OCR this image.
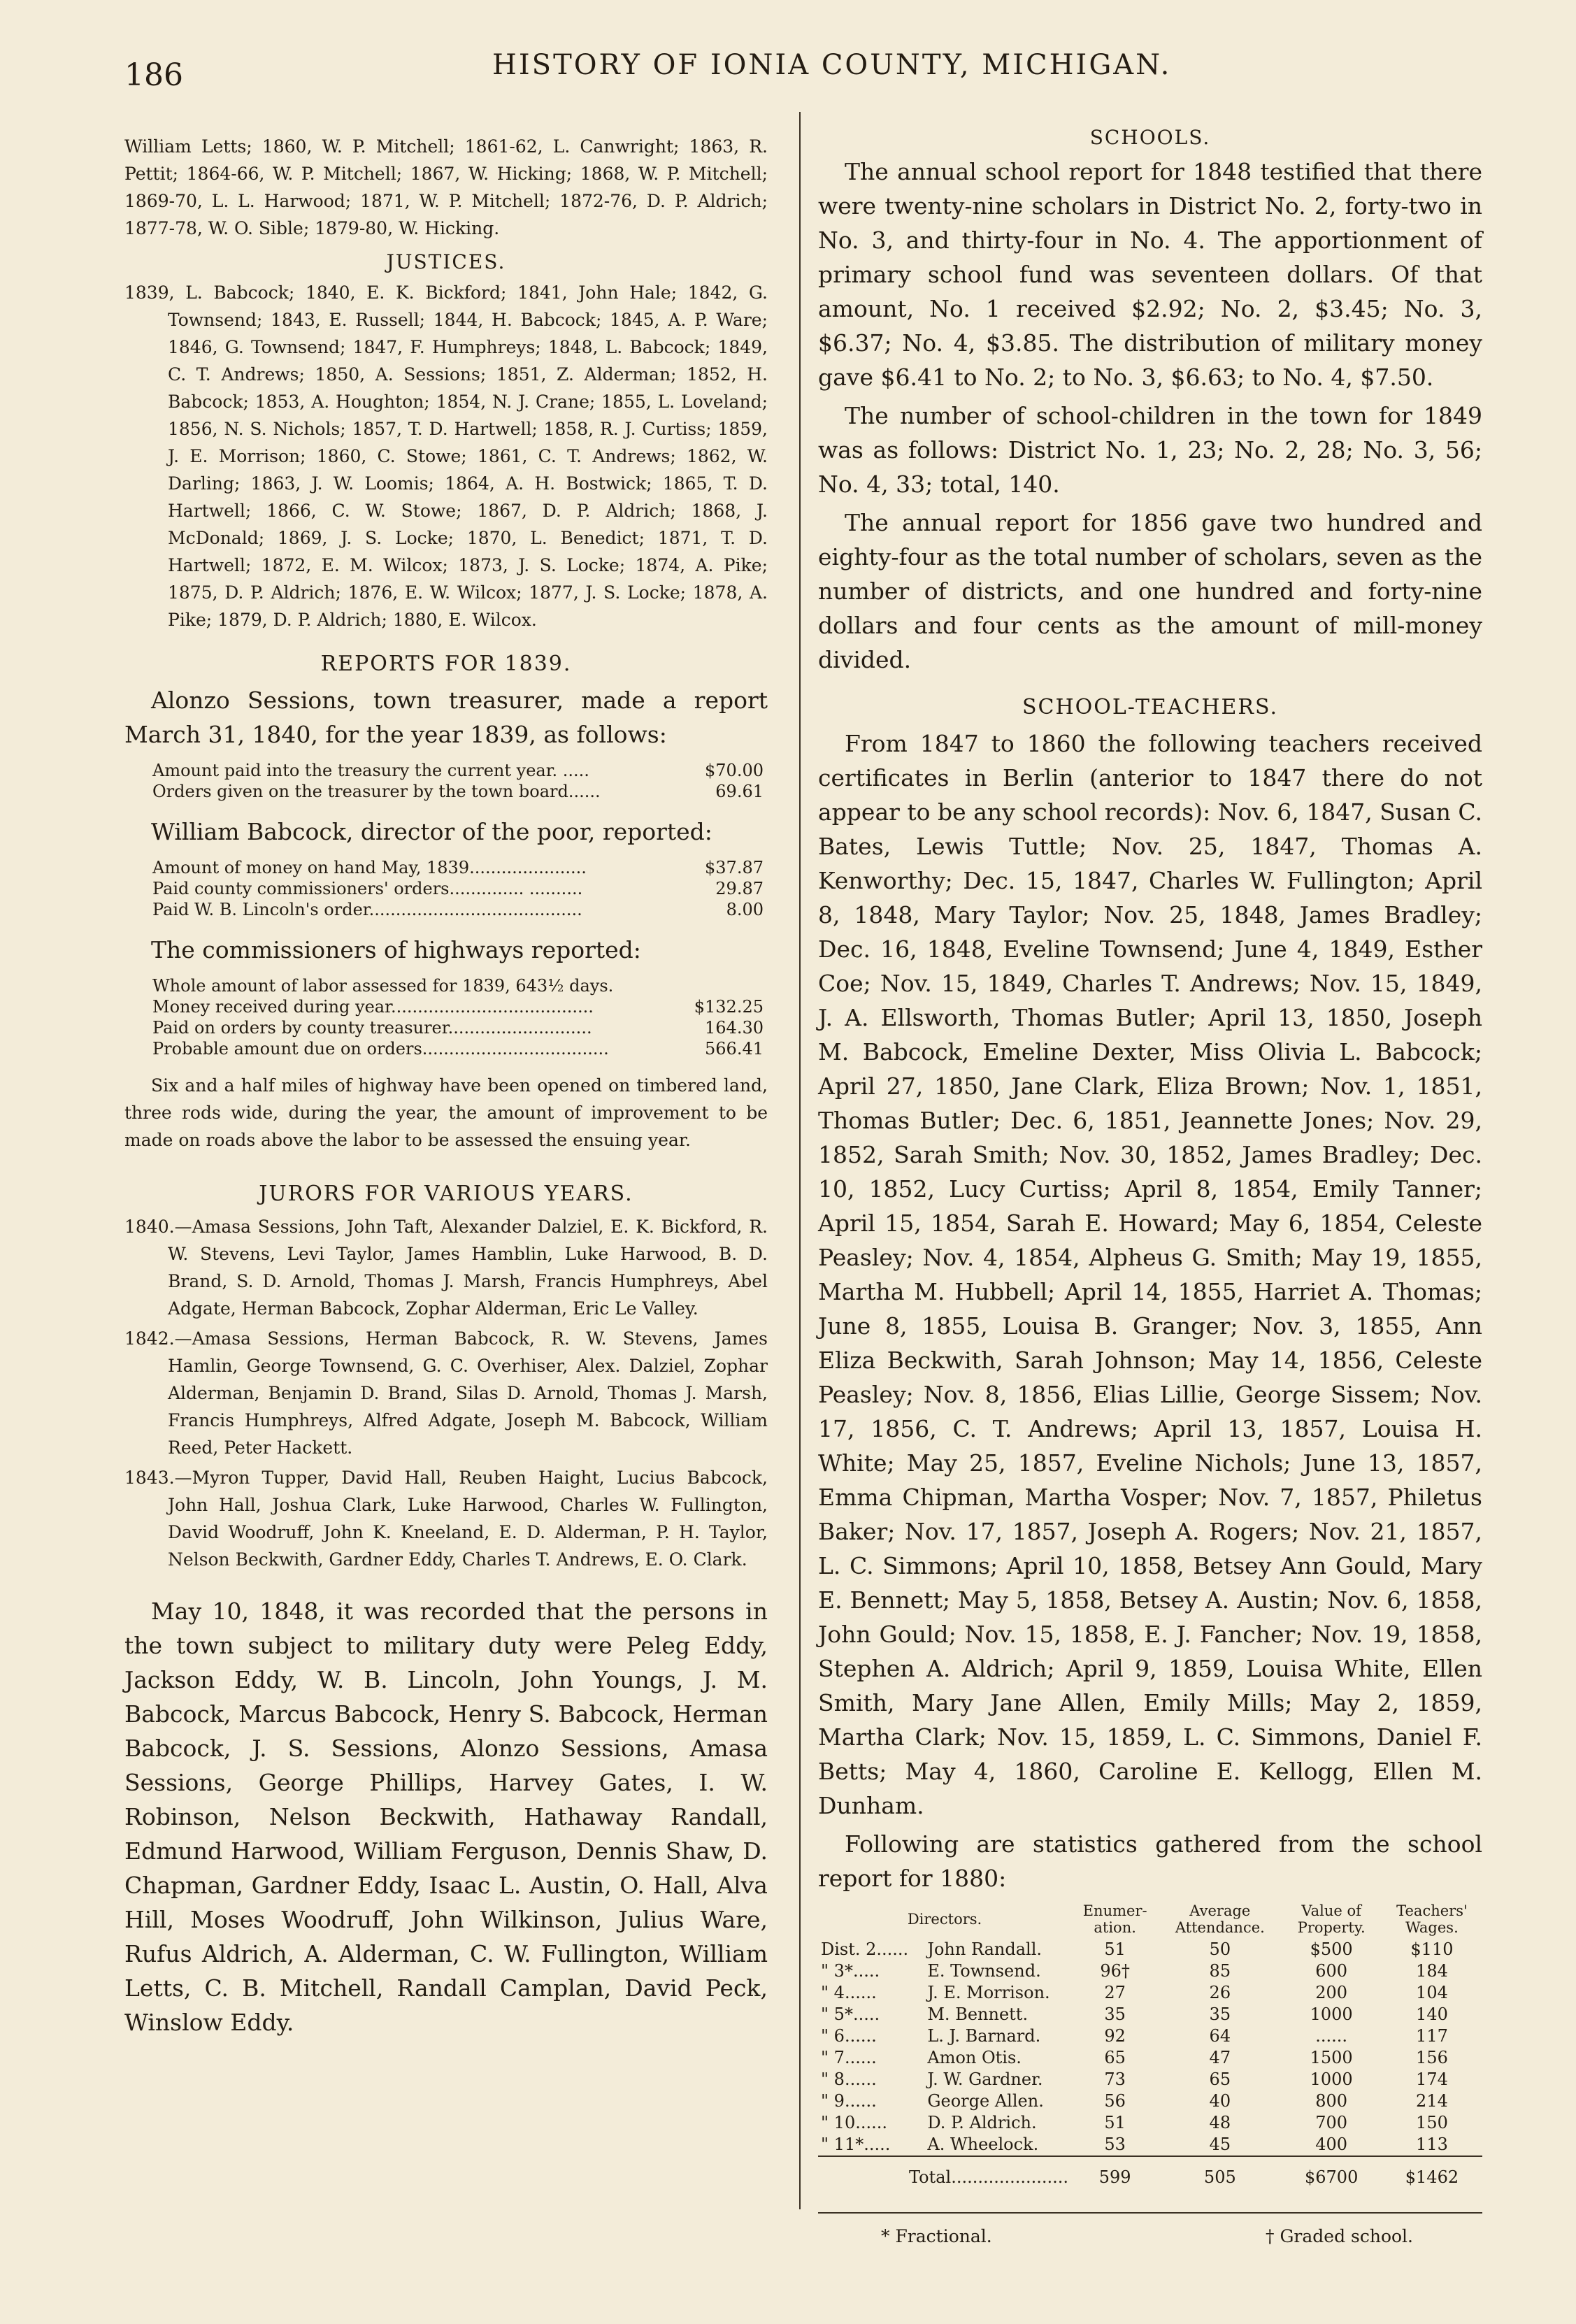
186	HISTORY OF IONIA COUNTY, MICHIGAN.

William Letts; 1860, W. P. Mitchell; 1861-62, L. Canwright; 1863, R. Pettit; 1864-66, W. P. Mitchell; 1867, W. Hicking; 1868, W. P. Mitchell; 1869-70, L. L. Harwood; 1871, W. P. Mitchell; 1872-76, D. P. Aldrich; 1877-78, W. O. Sible; 1879-80, W. Hicking.

JUSTICES.

1839, L. Babcock; 1840, E. K. Bickford; 1841, John Hale; 1842, G. Townsend; 1843, E. Russell; 1844, H. Babcock; 1845, A. P. Ware; 1846, G. Townsend; 1847, F. Humphreys; 1848, L. Babcock; 1849, C. T. Andrews; 1850, A. Sessions; 1851, Z. Alderman; 1852, H. Babcock; 1853, A. Houghton; 1854, N. J. Crane; 1855, L. Loveland; 1856, N. S. Nichols; 1857, T. D. Hartwell; 1858, R. J. Curtiss; 1859, J. E. Morrison; 1860, C. Stowe; 1861, C. T. Andrews; 1862, W. Darling; 1863, J. W. Loomis; 1864, A. H. Bostwick; 1865, T. D. Hartwell; 1866, C. W. Stowe; 1867, D. P. Aldrich; 1868, J. McDonald; 1869, J. S. Locke; 1870, L. Benedict; 1871, T. D. Hartwell; 1872, E. M. Wilcox; 1873, J. S. Locke; 1874, A. Pike; 1875, D. P. Aldrich; 1876, E. W. Wilcox; 1877, J. S. Locke; 1878, A. Pike; 1879, D. P. Aldrich; 1880, E. Wilcox.

REPORTS FOR 1839.

Alonzo Sessions, town treasurer, made a report March 31, 1840, for the year 1839, as follows:

Amount paid into the treasury the current year. .....	$70.00
Orders given on the treasurer by the town board......	69.61

William Babcock, director of the poor, reported:

Amount of money on hand May, 1839......................	$37.87
Paid county commissioners' orders.............. ..........	29.87
Paid W. B. Lincoln's order........................................	8.00

The commissioners of highways reported:

Whole amount of labor assessed for 1839, 643½ days.	
Money received during year......................................	$132.25
Paid on orders by county treasurer...........................	164.30
Probable amount due on orders...................................	566.41

Six and a half miles of highway have been opened on timbered land, three rods wide, during the year, the amount of improvement to be made on roads above the labor to be assessed the ensuing year.

JURORS FOR VARIOUS YEARS.

1840.—Amasa Sessions, John Taft, Alexander Dalziel, E. K. Bickford, R. W. Stevens, Levi Taylor, James Hamblin, Luke Harwood, B. D. Brand, S. D. Arnold, Thomas J. Marsh, Francis Humphreys, Abel Adgate, Herman Babcock, Zophar Alderman, Eric Le Valley.

1842.—Amasa Sessions, Herman Babcock, R. W. Stevens, James Hamlin, George Townsend, G. C. Overhiser, Alex. Dalziel, Zophar Alderman, Benjamin D. Brand, Silas D. Arnold, Thomas J. Marsh, Francis Humphreys, Alfred Adgate, Joseph M. Babcock, William Reed, Peter Hackett.

1843.—Myron Tupper, David Hall, Reuben Haight, Lucius Babcock, John Hall, Joshua Clark, Luke Harwood, Charles W. Fullington, David Woodruff, John K. Kneeland, E. D. Alderman, P. H. Taylor, Nelson Beckwith, Gardner Eddy, Charles T. Andrews, E. O. Clark.

May 10, 1848, it was recorded that the persons in the town subject to military duty were Peleg Eddy, Jackson Eddy, W. B. Lincoln, John Youngs, J. M. Babcock, Marcus Babcock, Henry S. Babcock, Herman Babcock, J. S. Sessions, Alonzo Sessions, Amasa Sessions, George Phillips, Harvey Gates, I. W. Robinson, Nelson Beckwith, Hathaway Randall, Edmund Harwood, William Ferguson, Dennis Shaw, D. Chapman, Gardner Eddy, Isaac L. Austin, O. Hall, Alva Hill, Moses Woodruff, John Wilkinson, Julius Ware, Rufus Aldrich, A. Alderman, C. W. Fullington, William Letts, C. B. Mitchell, Randall Camplan, David Peck, Winslow Eddy.

SCHOOLS.

The annual school report for 1848 testified that there were twenty-nine scholars in District No. 2, forty-two in No. 3, and thirty-four in No. 4. The apportionment of primary school fund was seventeen dollars. Of that amount, No. 1 received $2.92; No. 2, $3.45; No. 3, $6.37; No. 4, $3.85. The distribution of military money gave $6.41 to No. 2; to No. 3, $6.63; to No. 4, $7.50.

The number of school-children in the town for 1849 was as follows: District No. 1, 23; No. 2, 28; No. 3, 56; No. 4, 33; total, 140.

The annual report for 1856 gave two hundred and eighty-four as the total number of scholars, seven as the number of districts, and one hundred and forty-nine dollars and four cents as the amount of mill-money divided.

SCHOOL-TEACHERS.

From 1847 to 1860 the following teachers received certificates in Berlin (anterior to 1847 there do not appear to be any school records): Nov. 6, 1847, Susan C. Bates, Lewis Tuttle; Nov. 25, 1847, Thomas A. Kenworthy; Dec. 15, 1847, Charles W. Fullington; April 8, 1848, Mary Taylor; Nov. 25, 1848, James Bradley; Dec. 16, 1848, Eveline Townsend; June 4, 1849, Esther Coe; Nov. 15, 1849, Charles T. Andrews; Nov. 15, 1849, J. A. Ellsworth, Thomas Butler; April 13, 1850, Joseph M. Babcock, Emeline Dexter, Miss Olivia L. Babcock; April 27, 1850, Jane Clark, Eliza Brown; Nov. 1, 1851, Thomas Butler; Dec. 6, 1851, Jeannette Jones; Nov. 29, 1852, Sarah Smith; Nov. 30, 1852, James Bradley; Dec. 10, 1852, Lucy Curtiss; April 8, 1854, Emily Tanner; April 15, 1854, Sarah E. Howard; May 6, 1854, Celeste Peasley; Nov. 4, 1854, Alpheus G. Smith; May 19, 1855, Martha M. Hubbell; April 14, 1855, Harriet A. Thomas; June 8, 1855, Louisa B. Granger; Nov. 3, 1855, Ann Eliza Beckwith, Sarah Johnson; May 14, 1856, Celeste Peasley; Nov. 8, 1856, Elias Lillie, George Sissem; Nov. 17, 1856, C. T. Andrews; April 13, 1857, Louisa H. White; May 25, 1857, Eveline Nichols; June 13, 1857, Emma Chipman, Martha Vosper; Nov. 7, 1857, Philetus Baker; Nov. 17, 1857, Joseph A. Rogers; Nov. 21, 1857, L. C. Simmons; April 10, 1858, Betsey Ann Gould, Mary E. Bennett; May 5, 1858, Betsey A. Austin; Nov. 6, 1858, John Gould; Nov. 15, 1858, E. J. Fancher; Nov. 19, 1858, Stephen A. Aldrich; April 9, 1859, Louisa White, Ellen Smith, Mary Jane Allen, Emily Mills; May 2, 1859, Martha Clark; Nov. 15, 1859, L. C. Simmons, Daniel F. Betts; May 4, 1860, Caroline E. Kellogg, Ellen M. Dunham.

Following are statistics gathered from the school report for 1880:

Directors.		Enumer-ation.	Average Attendance.	Value of Property.	Teachers' Wages.
Dist. 2......	John Randall.	51	50	$500	$110
" 3*.....	E. Townsend.	96†	85	600	184
" 4......	J. E. Morrison.	27	26	200	104
" 5*.....	M. Bennett.	35	35	1000	140
" 6......	L. J. Barnard.	92	64	......	117
" 7......	Amon Otis.	65	47	1500	156
" 8......	J. W. Gardner.	73	65	1000	174
" 9......	George Allen.	56	40	800	214
" 10......	D. P. Aldrich.	51	48	700	150
" 11*.....	A. Wheelock.	53	45	400	113
Total......................		599	505	$6700	$1462
* Fractional.	† Graded school.
